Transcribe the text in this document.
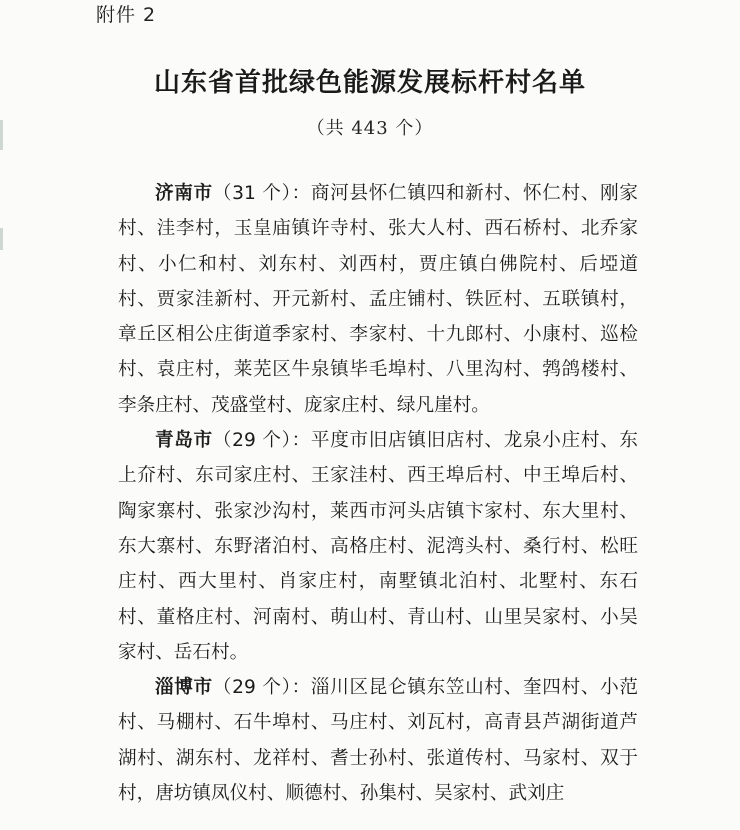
附件 2
山东省首批绿色能源发展标杆村名单
（共 443 个）

济南市（31 个）：商河县怀仁镇四和新村、怀仁村、刚家村、洼李村，玉皇庙镇许寺村、张大人村、西石桥村、北乔家村、小仁和村、刘东村、刘西村，贾庄镇白佛院村、后埡道村、贾家洼新村、开元新村、孟庄铺村、铁匠村、五联镇村，章丘区相公庄街道季家村、李家村、十九郎村、小康村、巡检村、袁庄村，莱芜区牛泉镇毕毛埠村、八里沟村、鹁鸽楼村、李条庄村、茂盛堂村、庞家庄村、绿凡崖村。

青岛市（29 个）：平度市旧店镇旧店村、龙泉小庄村、东上夼村、东司家庄村、王家洼村、西王埠后村、中王埠后村、陶家寨村、张家沙沟村，莱西市河头店镇卞家村、东大里村、东大寨村、东野渚泊村、高格庄村、泥湾头村、桑行村、松旺庄村、西大里村、肖家庄村，南墅镇北泊村、北墅村、东石村、董格庄村、河南村、萌山村、青山村、山里吴家村、小吴家村、岳石村。

淄博市（29 个）：淄川区昆仑镇东笠山村、奎四村、小范村、马棚村、石牛埠村、马庄村、刘瓦村，高青县芦湖街道芦湖村、湖东村、龙祥村、耆士孙村、张道传村、马家村、双于村，唐坊镇凤仪村、顺德村、孙集村、吴家村、武刘庄
